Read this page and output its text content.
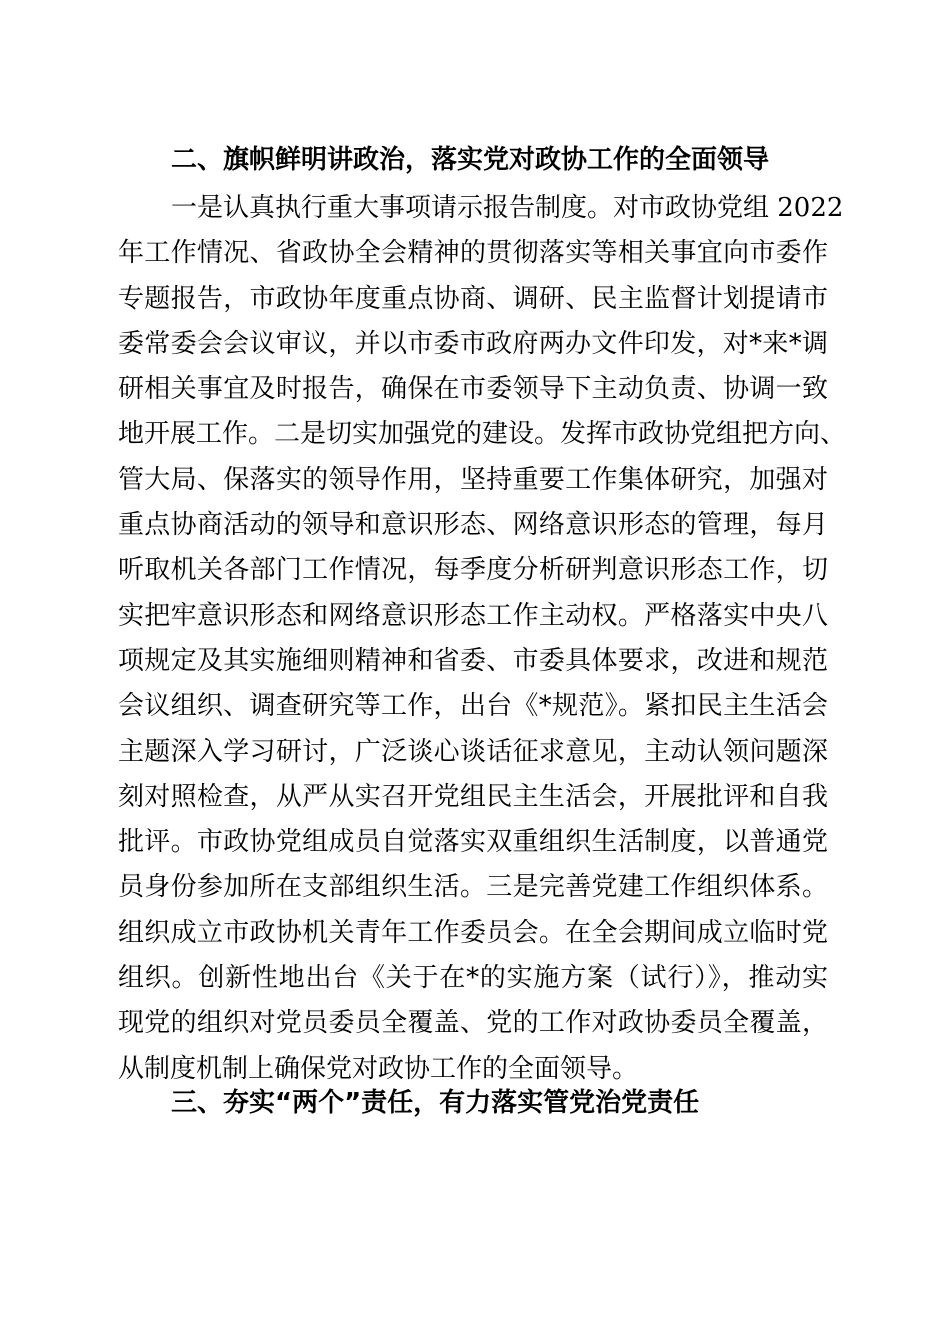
二、旗帜鲜明讲政治，落实党对政协工作的全面领导
一是认真执行重大事项请示报告制度。对市政协党组 2022
年工作情况、省政协全会精神的贯彻落实等相关事宜向市委作
专题报告，市政协年度重点协商、调研、民主监督计划提请市
委常委会会议审议，并以市委市政府两办文件印发，对*来*调
研相关事宜及时报告，确保在市委领导下主动负责、协调一致
地开展工作。二是切实加强党的建设。发挥市政协党组把方向、
管大局、保落实的领导作用，坚持重要工作集体研究，加强对
重点协商活动的领导和意识形态、网络意识形态的管理，每月
听取机关各部门工作情况，每季度分析研判意识形态工作，切
实把牢意识形态和网络意识形态工作主动权。严格落实中央八
项规定及其实施细则精神和省委、市委具体要求，改进和规范
会议组织、调查研究等工作，出台《*规范》。紧扣民主生活会
主题深入学习研讨，广泛谈心谈话征求意见，主动认领问题深
刻对照检查，从严从实召开党组民主生活会，开展批评和自我
批评。市政协党组成员自觉落实双重组织生活制度，以普通党
员身份参加所在支部组织生活。三是完善党建工作组织体系。
组织成立市政协机关青年工作委员会。在全会期间成立临时党
组织。创新性地出台《关于在*的实施方案（试行）》，推动实
现党的组织对党员委员全覆盖、党的工作对政协委员全覆盖，
从制度机制上确保党对政协工作的全面领导。
三、夯实“两个”责任，有力落实管党治党责任
